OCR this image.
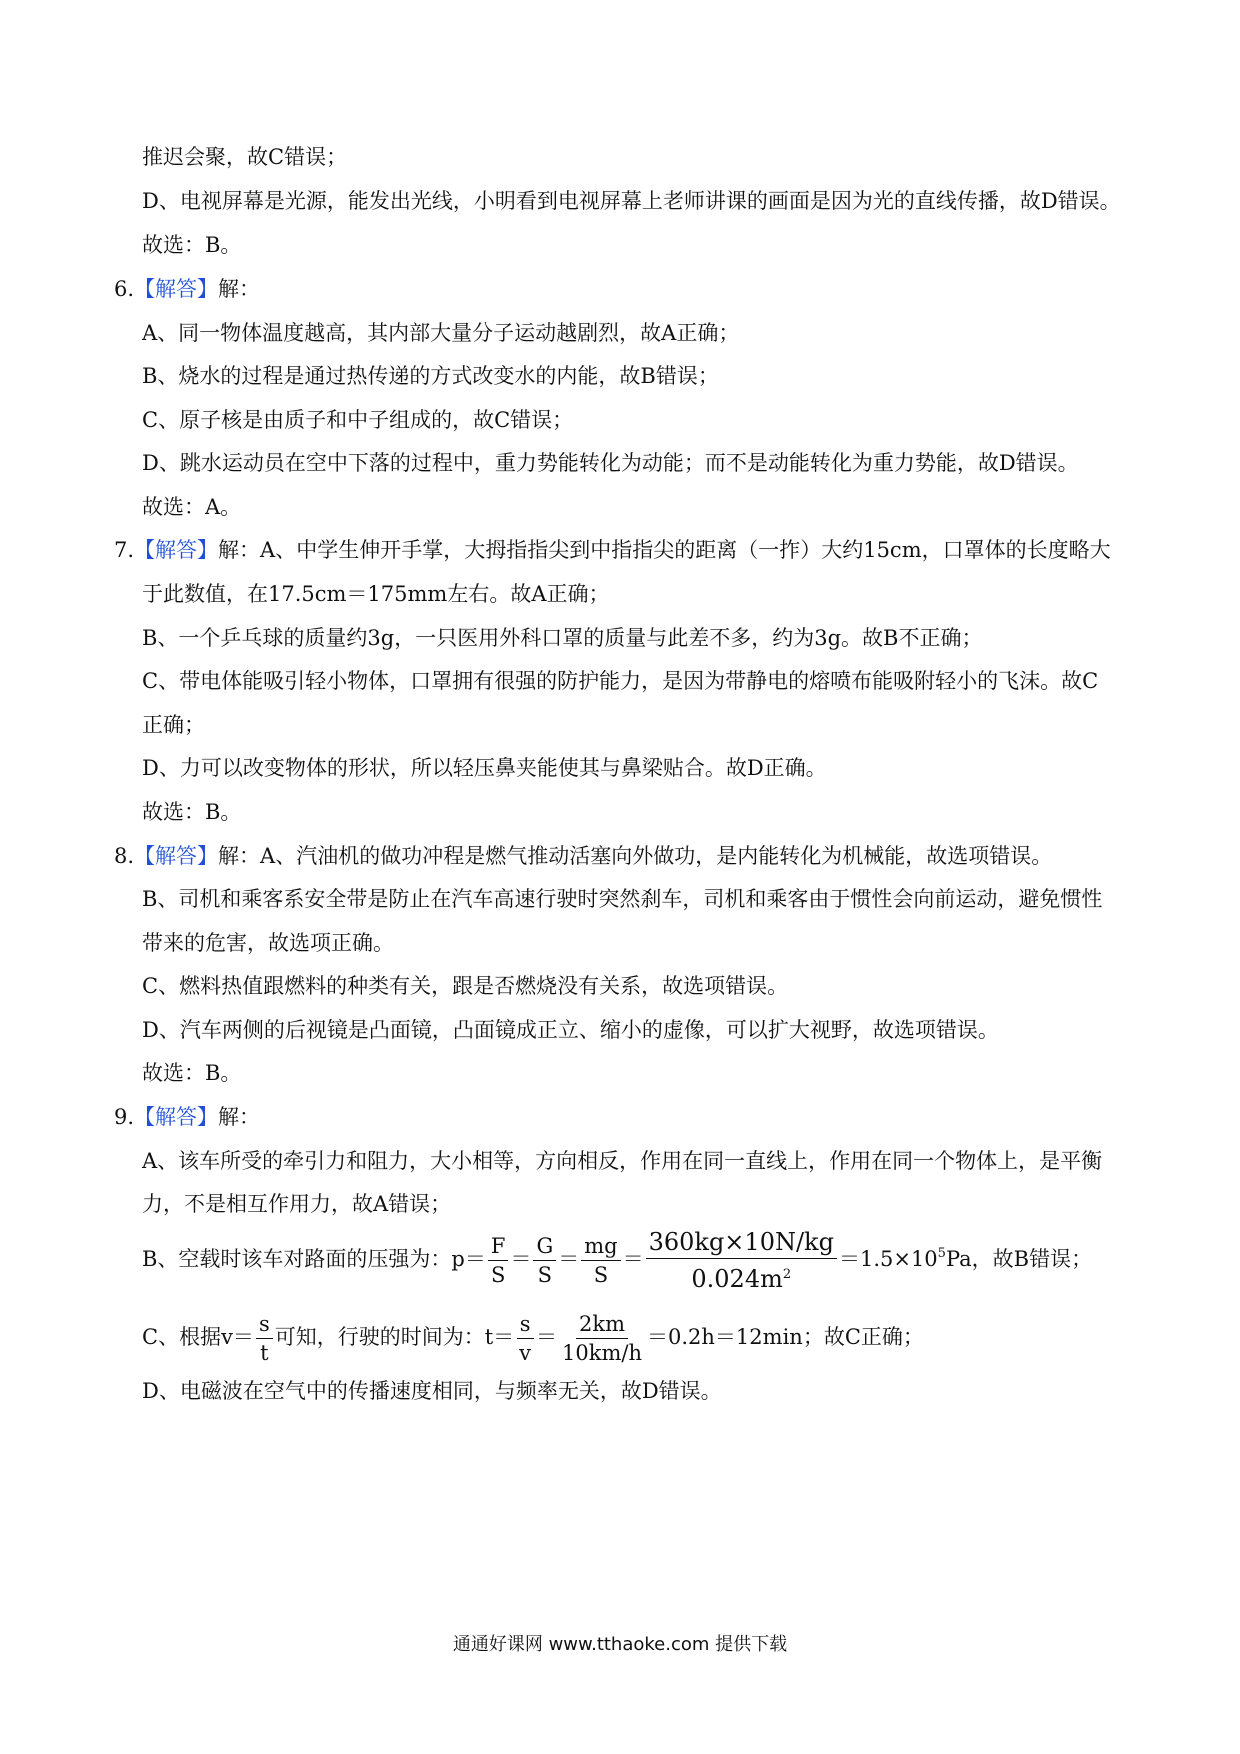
推迟会聚，故C错误；
D、电视屏幕是光源，能发出光线，小明看到电视屏幕上老师讲课的画面是因为光的直线传播，故D错误。
故选：B。
6.【解答】解：
A、同一物体温度越高，其内部大量分子运动越剧烈，故A正确；
B、烧水的过程是通过热传递的方式改变水的内能，故B错误；
C、原子核是由质子和中子组成的，故C错误；
D、跳水运动员在空中下落的过程中，重力势能转化为动能；而不是动能转化为重力势能，故D错误。
故选：A。
7.【解答】解：A、中学生伸开手掌，大拇指指尖到中指指尖的距离（一拃）大约15cm，口罩体的长度略大
于此数值，在17.5cm＝175mm左右。故A正确；
B、一个乒乓球的质量约3g，一只医用外科口罩的质量与此差不多，约为3g。故B不正确；
C、带电体能吸引轻小物体，口罩拥有很强的防护能力，是因为带静电的熔喷布能吸附轻小的飞沫。故C
正确；
D、力可以改变物体的形状，所以轻压鼻夹能使其与鼻梁贴合。故D正确。
故选：B。
8.【解答】解：A、汽油机的做功冲程是燃气推动活塞向外做功，是内能转化为机械能，故选项错误。
B、司机和乘客系安全带是防止在汽车高速行驶时突然刹车，司机和乘客由于惯性会向前运动，避免惯性
带来的危害，故选项正确。
C、燃料热值跟燃料的种类有关，跟是否燃烧没有关系，故选项错误。
D、汽车两侧的后视镜是凸面镜，凸面镜成正立、缩小的虚像，可以扩大视野，故选项错误。
故选：B。
9.【解答】解：
A、该车所受的牵引力和阻力，大小相等，方向相反，作用在同一直线上，作用在同一个物体上，是平衡
力，不是相互作用力，故A错误；
B、空载时该车对路面的压强为：$p= \frac{F}{S} = \frac{G}{S} = \frac{mg}{S} = \frac{360kg\times 10N/kg}{0.024m^2} =1.5\times 10^5Pa$，故B错误；
C、根据$v= \frac{s}{t}$ 可知，行驶的时间为：$t= \frac{s}{v} = \frac{2km}{10km/h} =0.2h=12\min$；故C正确；
D、电磁波在空气中的传播速度相同，与频率无关，故D错误。
通通好课网 www.tthaoke.com 提供下载
